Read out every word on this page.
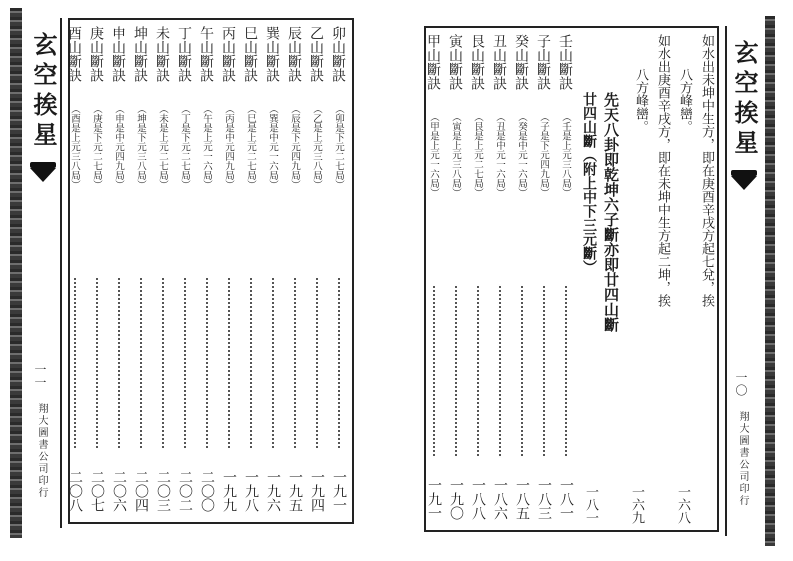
玄空挨星
一一
翔大圖書公司印行
卯山斷訣
（卯是下元二七局）
一九一
乙山斷訣
（乙是上元三八局）
一九四
辰山斷訣
（辰是下元四九局）
一九五
巽山斷訣
（巽是中元一六局）
一九六
巳山斷訣
（巳是上元二七局）
一九八
丙山斷訣
（丙是中元四九局）
一九九
午山斷訣
（午是上元一六局）
二〇〇
丁山斷訣
（丁是下元二七局）
二〇二
未山斷訣
（未是上元二七局）
二〇三
坤山斷訣
（坤是下元三八局）
二〇四
申山斷訣
（申是中元四九局）
二〇六
庚山斷訣
（庚是下元二七局）
二〇七
酉山斷訣
（酉是上元三八局）
二〇八
玄空挨星
一〇
翔大圖書公司印行
如水出未坤中生方，即在庚酉辛戌方起七兌，挨
八方峰巒。
如水出庚酉辛戌方，即在未坤中生方起二坤，挨
八方峰巒。
一六八
一六九
先天八卦即乾坤六子斷亦即廿四山斷
廿四山斷（附上中下三元斷）
一八一
壬山斷訣
（壬是上元三八局）
一八一
子山斷訣
（子是下元四九局）
一八三
癸山斷訣
（癸是中元一六局）
一八五
丑山斷訣
（丑是中元一六局）
一八六
艮山斷訣
（艮是上元二七局）
一八八
寅山斷訣
（寅是上元三八局）
一九〇
甲山斷訣
（甲是上元一六局）
一九一
